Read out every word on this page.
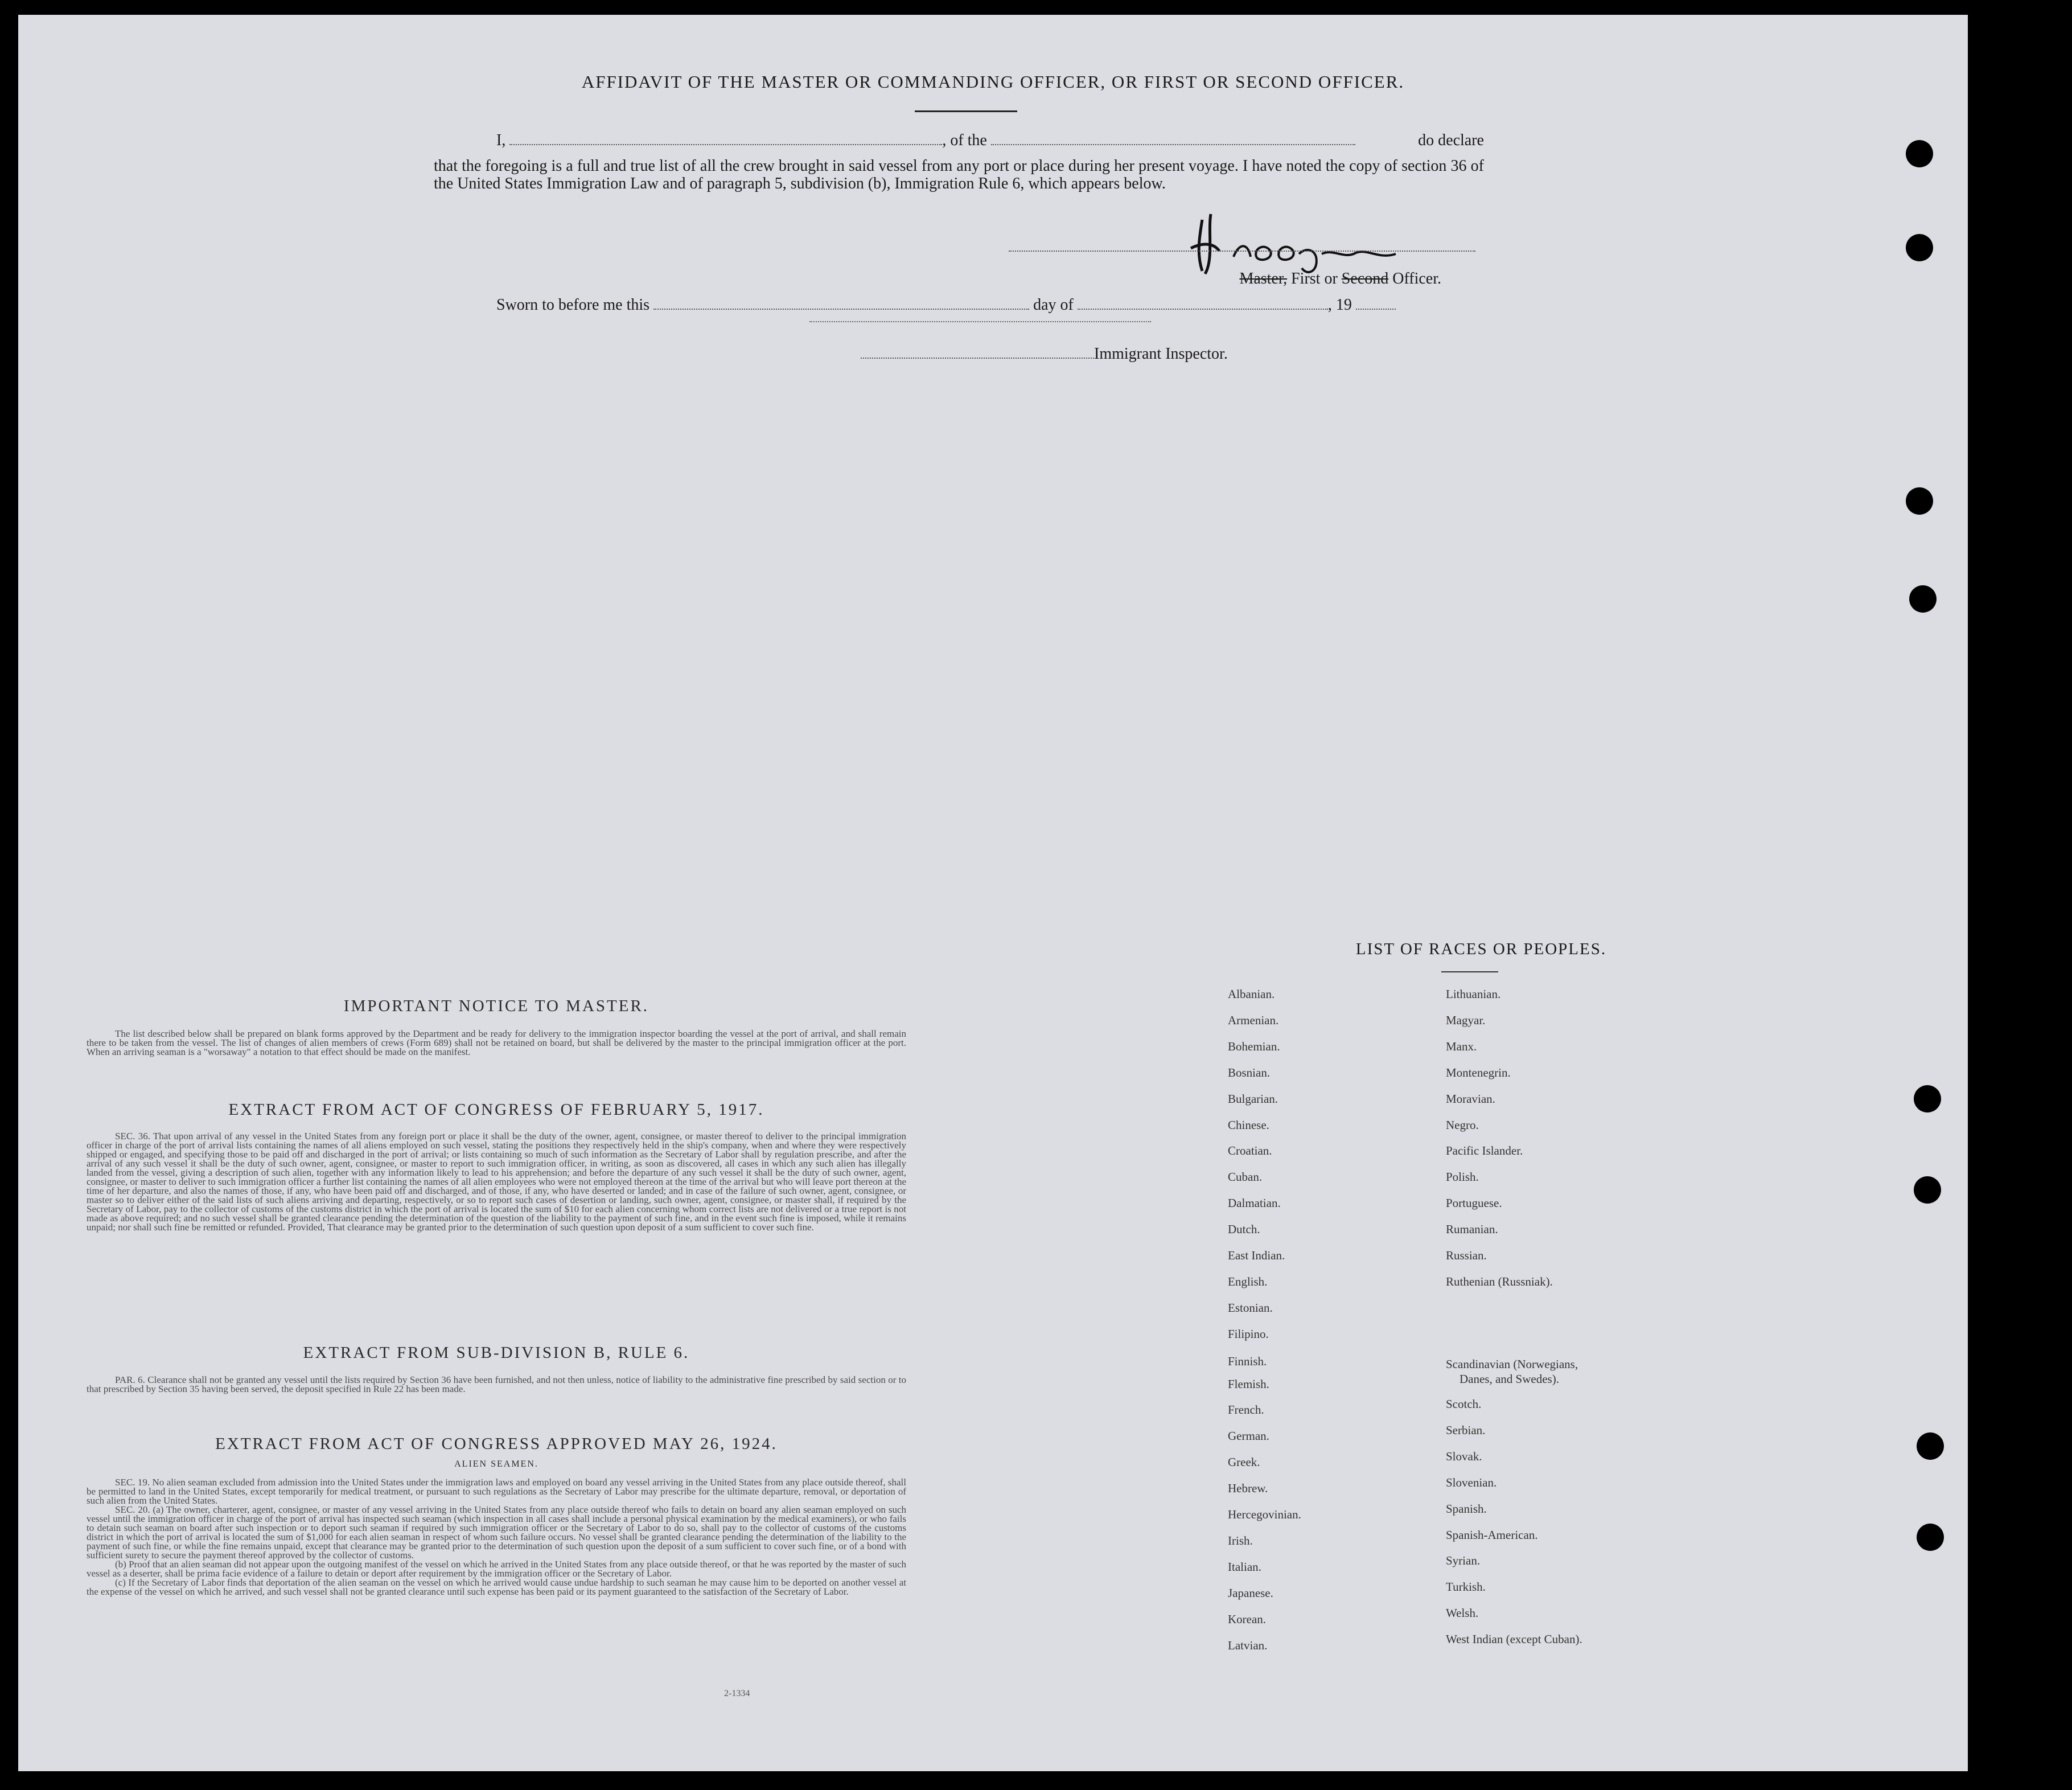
AFFIDAVIT OF THE MASTER OR COMMANDING OFFICER, OR FIRST OR SECOND OFFICER.
I,	, of the	do declare
that the foregoing is a full and true list of all the crew brought in said vessel from any port or place during her present voyage. I have noted the copy of section 36 of the United States Immigration Law and of paragraph 5, subdivision (b), Immigration Rule 6, which appears below.
Master, First or Second Officer.
Sworn to before me this	day of	, 19
Immigrant Inspector.
IMPORTANT NOTICE TO MASTER.

The list described below shall be prepared on blank forms approved by the Department and be ready for delivery to the immigration inspector boarding the vessel at the port of arrival, and shall remain there to be taken from the vessel. The list of changes of alien members of crews (Form 689) shall not be retained on board, but shall be delivered by the master to the principal immigration officer at the port. When an arriving seaman is a "worsaway" a notation to that effect should be made on the manifest.

EXTRACT FROM ACT OF CONGRESS OF FEBRUARY 5, 1917.

SEC. 36. That upon arrival of any vessel in the United States from any foreign port or place it shall be the duty of the owner, agent, consignee, or master thereof to deliver to the principal immigration officer in charge of the port of arrival lists containing the names of all aliens employed on such vessel, stating the positions they respectively held in the ship's company, when and where they were respectively shipped or engaged, and specifying those to be paid off and discharged in the port of arrival; or lists containing so much of such information as the Secretary of Labor shall by regulation prescribe, and after the arrival of any such vessel it shall be the duty of such owner, agent, consignee, or master to report to such immigration officer, in writing, as soon as discovered, all cases in which any such alien has illegally landed from the vessel, giving a description of such alien, together with any information likely to lead to his apprehension; and before the departure of any such vessel it shall be the duty of such owner, agent, consignee, or master to deliver to such immigration officer a further list containing the names of all alien employees who were not employed thereon at the time of the arrival but who will leave port thereon at the time of her departure, and also the names of those, if any, who have been paid off and discharged, and of those, if any, who have deserted or landed; and in case of the failure of such owner, agent, consignee, or master so to deliver either of the said lists of such aliens arriving and departing, respectively, or so to report such cases of desertion or landing, such owner, agent, consignee, or master shall, if required by the Secretary of Labor, pay to the collector of customs of the customs district in which the port of arrival is located the sum of $10 for each alien concerning whom correct lists are not delivered or a true report is not made as above required; and no such vessel shall be granted clearance pending the determination of the question of the liability to the payment of such fine, and in the event such fine is imposed, while it remains unpaid; nor shall such fine be remitted or refunded. Provided, That clearance may be granted prior to the determination of such question upon deposit of a sum sufficient to cover such fine.

EXTRACT FROM SUB-DIVISION B, RULE 6.

PAR. 6. Clearance shall not be granted any vessel until the lists required by Section 36 have been furnished, and not then unless, notice of liability to the administrative fine prescribed by said section or to that prescribed by Section 35 having been served, the deposit specified in Rule 22 has been made.

EXTRACT FROM ACT OF CONGRESS APPROVED MAY 26, 1924.
ALIEN SEAMEN.

SEC. 19. No alien seaman excluded from admission into the United States under the immigration laws and employed on board any vessel arriving in the United States from any place outside thereof, shall be permitted to land in the United States, except temporarily for medical treatment, or pursuant to such regulations as the Secretary of Labor may prescribe for the ultimate departure, removal, or deportation of such alien from the United States.

SEC. 20. (a) The owner, charterer, agent, consignee, or master of any vessel arriving in the United States from any place outside thereof who fails to detain on board any alien seaman employed on such vessel until the immigration officer in charge of the port of arrival has inspected such seaman (which inspection in all cases shall include a personal physical examination by the medical examiners), or who fails to detain such seaman on board after such inspection or to deport such seaman if required by such immigration officer or the Secretary of Labor to do so, shall pay to the collector of customs of the customs district in which the port of arrival is located the sum of $1,000 for each alien seaman in respect of whom such failure occurs. No vessel shall be granted clearance pending the determination of the liability to the payment of such fine, or while the fine remains unpaid, except that clearance may be granted prior to the determination of such question upon the deposit of a sum sufficient to cover such fine, or of a bond with sufficient surety to secure the payment thereof approved by the collector of customs.

(b) Proof that an alien seaman did not appear upon the outgoing manifest of the vessel on which he arrived in the United States from any place outside thereof, or that he was reported by the master of such vessel as a deserter, shall be prima facie evidence of a failure to detain or deport after requirement by the immigration officer or the Secretary of Labor.

(c) If the Secretary of Labor finds that deportation of the alien seaman on the vessel on which he arrived would cause undue hardship to such seaman he may cause him to be deported on another vessel at the expense of the vessel on which he arrived, and such vessel shall not be granted clearance until such expense has been paid or its payment guaranteed to the satisfaction of the Secretary of Labor.

2-1334
LIST OF RACES OR PEOPLES.
Albanian.
Armenian.
Bohemian.
Bosnian.
Bulgarian.
Chinese.
Croatian.
Cuban.
Dalmatian.
Dutch.
East Indian.
English.
Estonian.
Filipino.
Finnish.
Flemish.
French.
German.
Greek.
Hebrew.
Hercegovinian.
Irish.
Italian.
Japanese.
Korean.
Latvian.
Lithuanian.
Magyar.
Manx.
Montenegrin.
Moravian.
Negro.
Pacific Islander.
Polish.
Portuguese.
Rumanian.
Russian.
Ruthenian (Russniak).
Scotch.
Serbian.
Slovak.
Slovenian.
Spanish.
Spanish-American.
Syrian.
Turkish.
Welsh.
West Indian (except Cuban).
Scandinavian (Norwegians,
Danes, and Swedes).
